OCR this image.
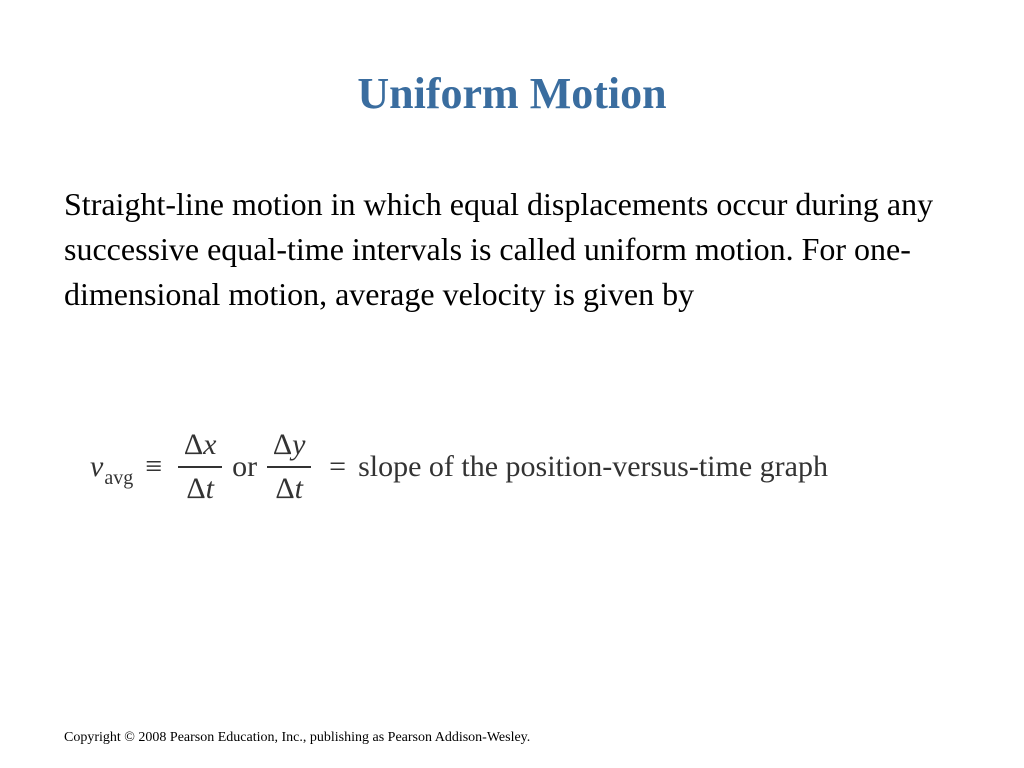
Uniform Motion
Straight-line motion in which equal displacements occur during any successive equal-time intervals is called uniform motion. For one-dimensional motion, average velocity is given by
$v_{avg} \equiv \frac{\Delta x}{\Delta t}$ or $\frac{\Delta y}{\Delta t}$ = slope of the position-versus-time graph
Copyright © 2008 Pearson Education, Inc., publishing as Pearson Addison-Wesley.
